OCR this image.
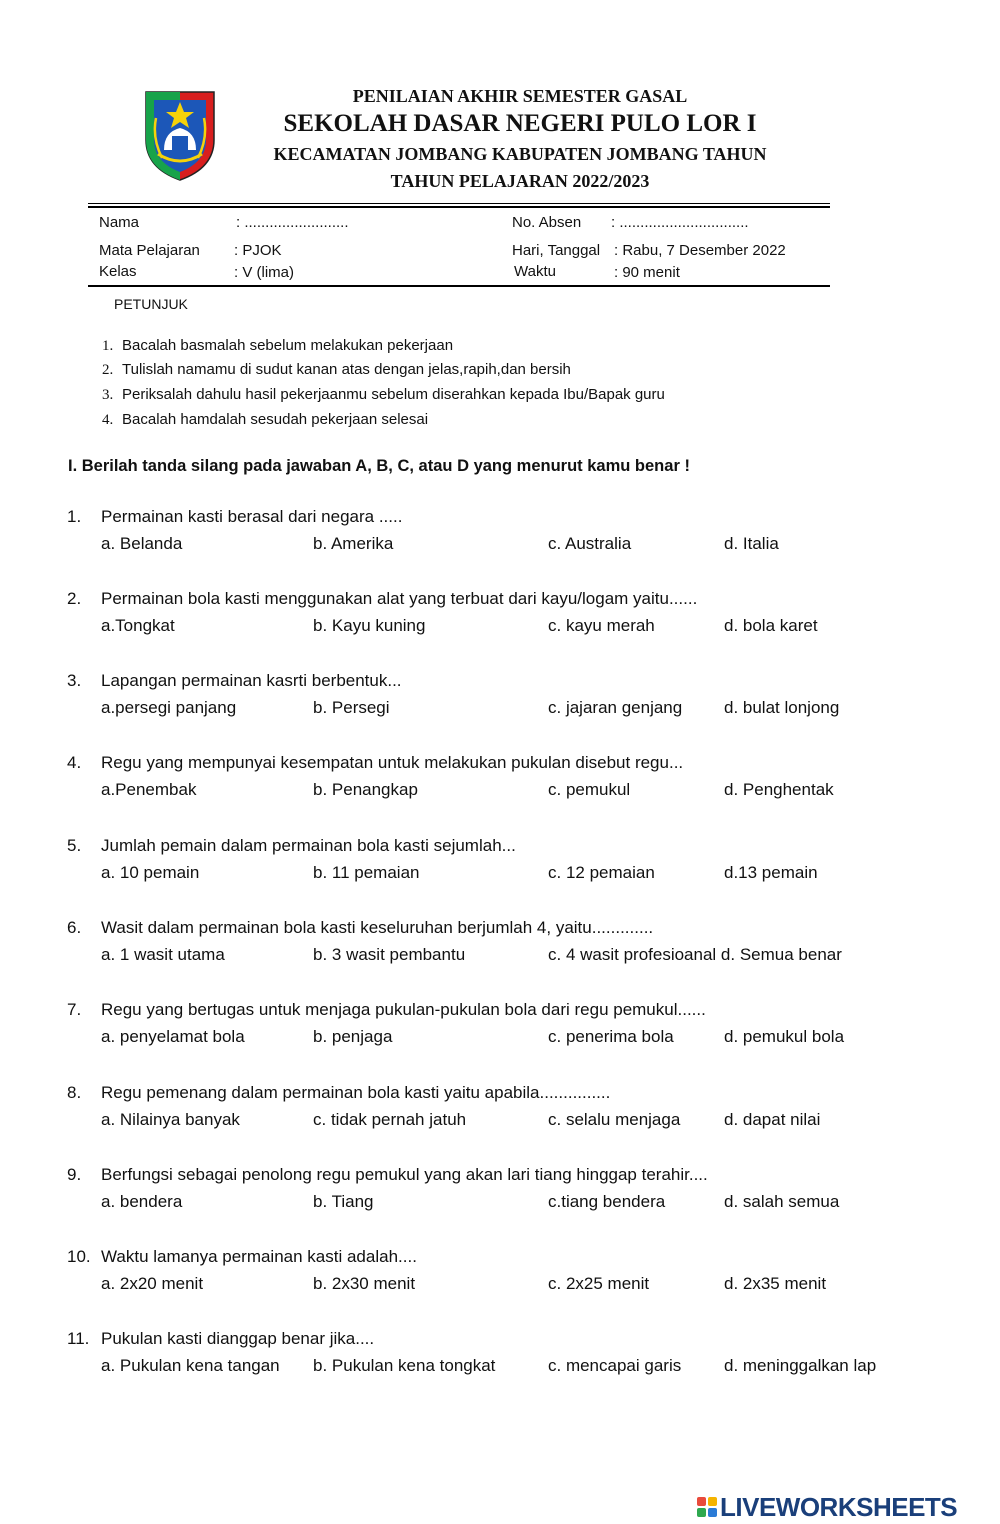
PENILAIAN AKHIR SEMESTER GASAL
SEKOLAH DASAR NEGERI PULO LOR I
KECAMATAN JOMBANG KABUPATEN JOMBANG TAHUN
TAHUN PELAJARAN 2022/2023
Nama	: .........................	No. Absen : ...............................
Mata Pelajaran : PJOK	Hari, Tanggal : Rabu, 7 Desember 2022
Kelas	: V (lima)	Waktu	: 90 menit
PETUNJUK
1. Bacalah basmalah sebelum melakukan pekerjaan
2. Tulislah namamu di sudut kanan atas dengan jelas,rapih,dan bersih
3. Periksalah dahulu hasil pekerjaanmu sebelum diserahkan kepada Ibu/Bapak guru
4. Bacalah hamdalah sesudah pekerjaan selesai
I. Berilah tanda silang pada jawaban A, B, C, atau D yang menurut kamu benar !
1. Permainan kasti berasal dari negara .....
a. Belanda	b. Amerika	c. Australia	d. Italia
2. Permainan bola kasti menggunakan alat yang terbuat dari kayu/logam yaitu......
a.Tongkat	b. Kayu kuning	c. kayu merah	d. bola karet
3. Lapangan permainan kasrti berbentuk...
a.persegi panjang	b. Persegi	c. jajaran genjang d. bulat lonjong
4. Regu yang mempunyai kesempatan untuk melakukan pukulan disebut regu...
a.Penembak	b. Penangkap	c. pemukul	d. Penghentak
5. Jumlah pemain dalam permainan bola kasti sejumlah...
a. 10 pemain	b. 11 pemaian	c. 12 pemaian	d.13 pemain
6. Wasit dalam permainan bola kasti keseluruhan berjumlah 4, yaitu.............
a. 1 wasit utama	b. 3 wasit pembantu	c. 4 wasit profesioanal d. Semua benar
7. Regu yang bertugas untuk menjaga pukulan-pukulan bola dari regu pemukul......
a. penyelamat bola	b. penjaga	c. penerima bola	d. pemukul bola
8. Regu pemenang dalam permainan bola kasti yaitu apabila...............
a. Nilainya banyak	c. tidak pernah jatuh	c. selalu menjaga	d. dapat nilai
9. Berfungsi sebagai penolong regu pemukul yang akan lari tiang hinggap terahir....
a. bendera	b. Tiang	c.tiang bendera	d. salah semua
10. Waktu lamanya permainan kasti adalah....
a. 2x20 menit	b. 2x30 menit	c. 2x25 menit	d. 2x35 menit
11. Pukulan kasti dianggap benar jika....
a. Pukulan kena tangan b. Pukulan kena tongkat	c. mencapai garis	d. meninggalkan lap
LIVEWORKSHEETS
